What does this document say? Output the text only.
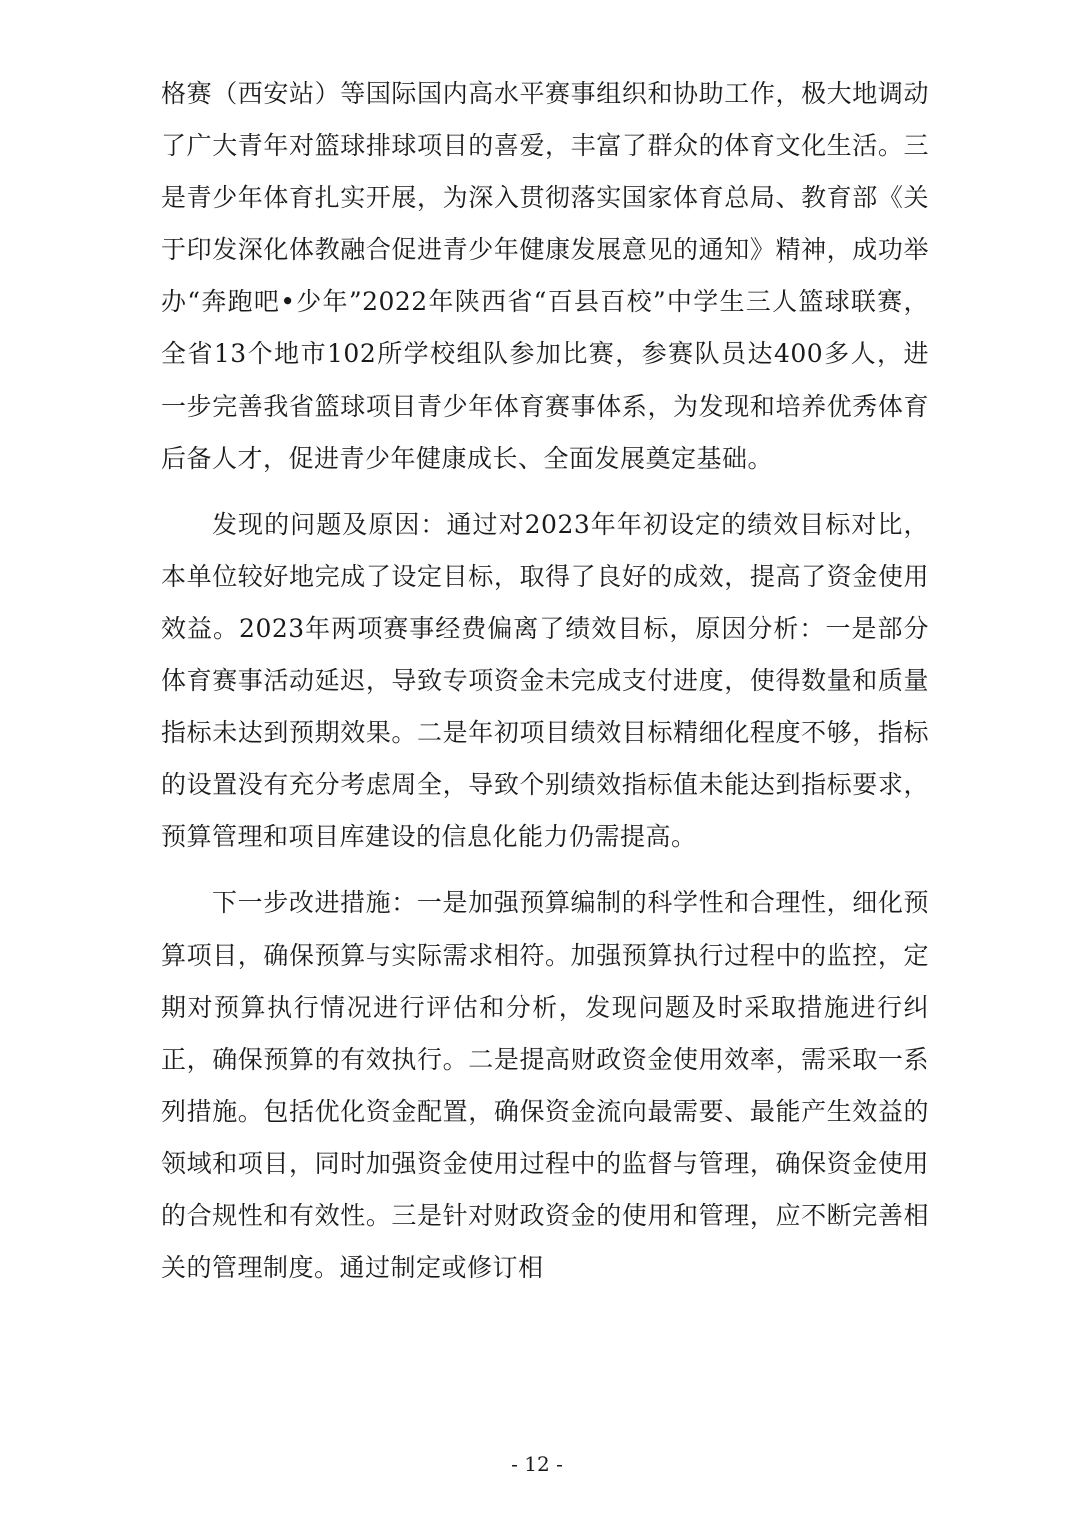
格赛（西安站）等国际国内高水平赛事组织和协助工作，极大地调动了广大青年对篮球排球项目的喜爱，丰富了群众的体育文化生活。三是青少年体育扎实开展，为深入贯彻落实国家体育总局、教育部《关于印发深化体教融合促进青少年健康发展意见的通知》精神，成功举办“奔跑吧•少年”2022年陕西省“百县百校”中学生三人篮球联赛，全省13个地市102所学校组队参加比赛，参赛队员达400多人，进一步完善我省篮球项目青少年体育赛事体系，为发现和培养优秀体育后备人才，促进青少年健康成长、全面发展奠定基础。

发现的问题及原因：通过对2023年年初设定的绩效目标对比，本单位较好地完成了设定目标，取得了良好的成效，提高了资金使用效益。2023年两项赛事经费偏离了绩效目标，原因分析：一是部分体育赛事活动延迟，导致专项资金未完成支付进度，使得数量和质量指标未达到预期效果。二是年初项目绩效目标精细化程度不够，指标的设置没有充分考虑周全，导致个别绩效指标值未能达到指标要求，预算管理和项目库建设的信息化能力仍需提高。

下一步改进措施：一是加强预算编制的科学性和合理性，细化预算项目，确保预算与实际需求相符。加强预算执行过程中的监控，定期对预算执行情况进行评估和分析，发现问题及时采取措施进行纠正，确保预算的有效执行。二是提高财政资金使用效率，需采取一系列措施。包括优化资金配置，确保资金流向最需要、最能产生效益的领域和项目，同时加强资金使用过程中的监督与管理，确保资金使用的合规性和有效性。三是针对财政资金的使用和管理，应不断完善相关的管理制度。通过制定或修订相

- 12 -
